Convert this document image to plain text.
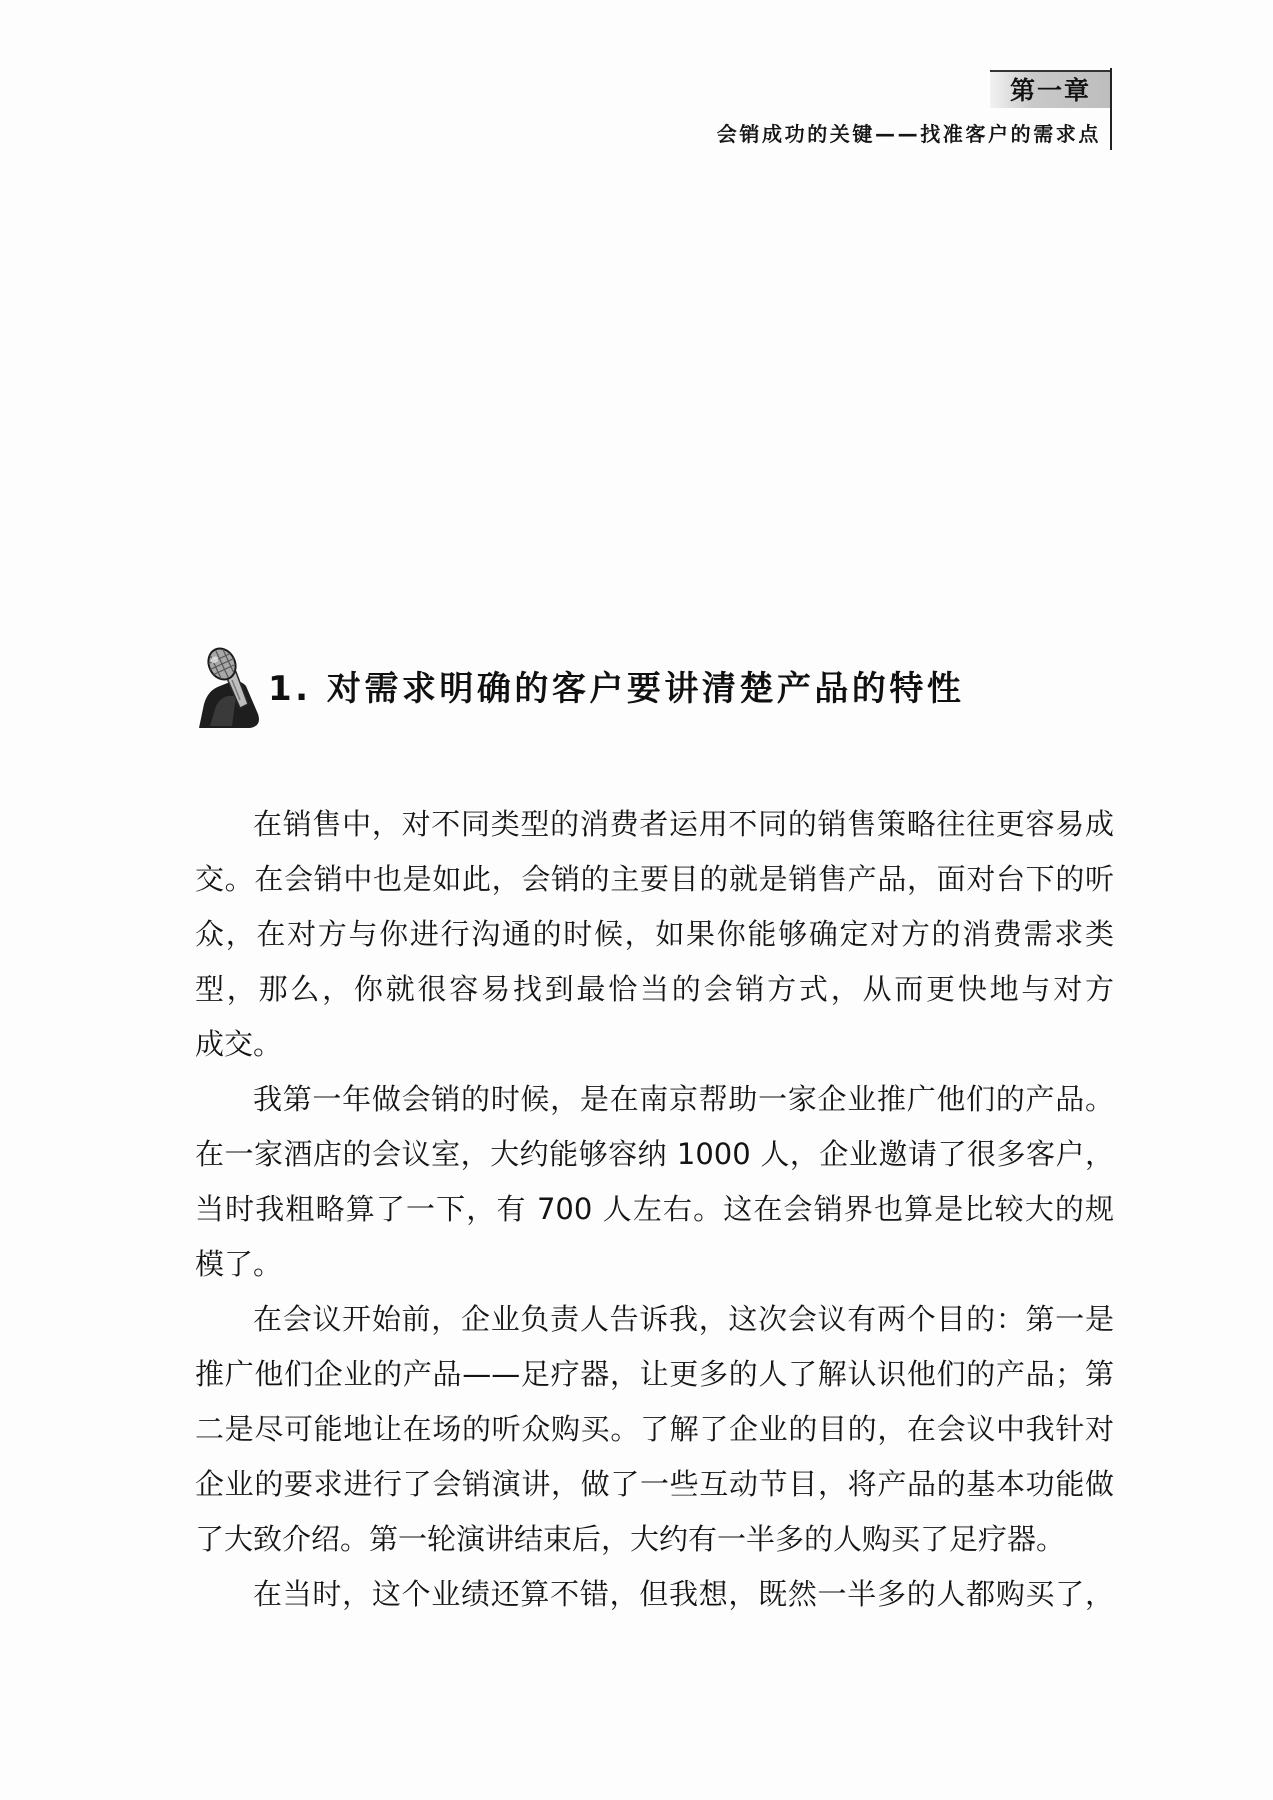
第一章
会销成功的关键——找准客户的需求点
1. 对需求明确的客户要讲清楚产品的特性
在销售中，对不同类型的消费者运用不同的销售策略往往更容易成
交。在会销中也是如此，会销的主要目的就是销售产品，面对台下的听
众，在对方与你进行沟通的时候，如果你能够确定对方的消费需求类
型，那么，你就很容易找到最恰当的会销方式，从而更快地与对方
成交。
我第一年做会销的时候，是在南京帮助一家企业推广他们的产品。
在一家酒店的会议室，大约能够容纳 1000 人，企业邀请了很多客户，
当时我粗略算了一下，有 700 人左右。这在会销界也算是比较大的规
模了。
在会议开始前，企业负责人告诉我，这次会议有两个目的：第一是
推广他们企业的产品——足疗器，让更多的人了解认识他们的产品；第
二是尽可能地让在场的听众购买。了解了企业的目的，在会议中我针对
企业的要求进行了会销演讲，做了一些互动节目，将产品的基本功能做
了大致介绍。第一轮演讲结束后，大约有一半多的人购买了足疗器。
在当时，这个业绩还算不错，但我想，既然一半多的人都购买了，
